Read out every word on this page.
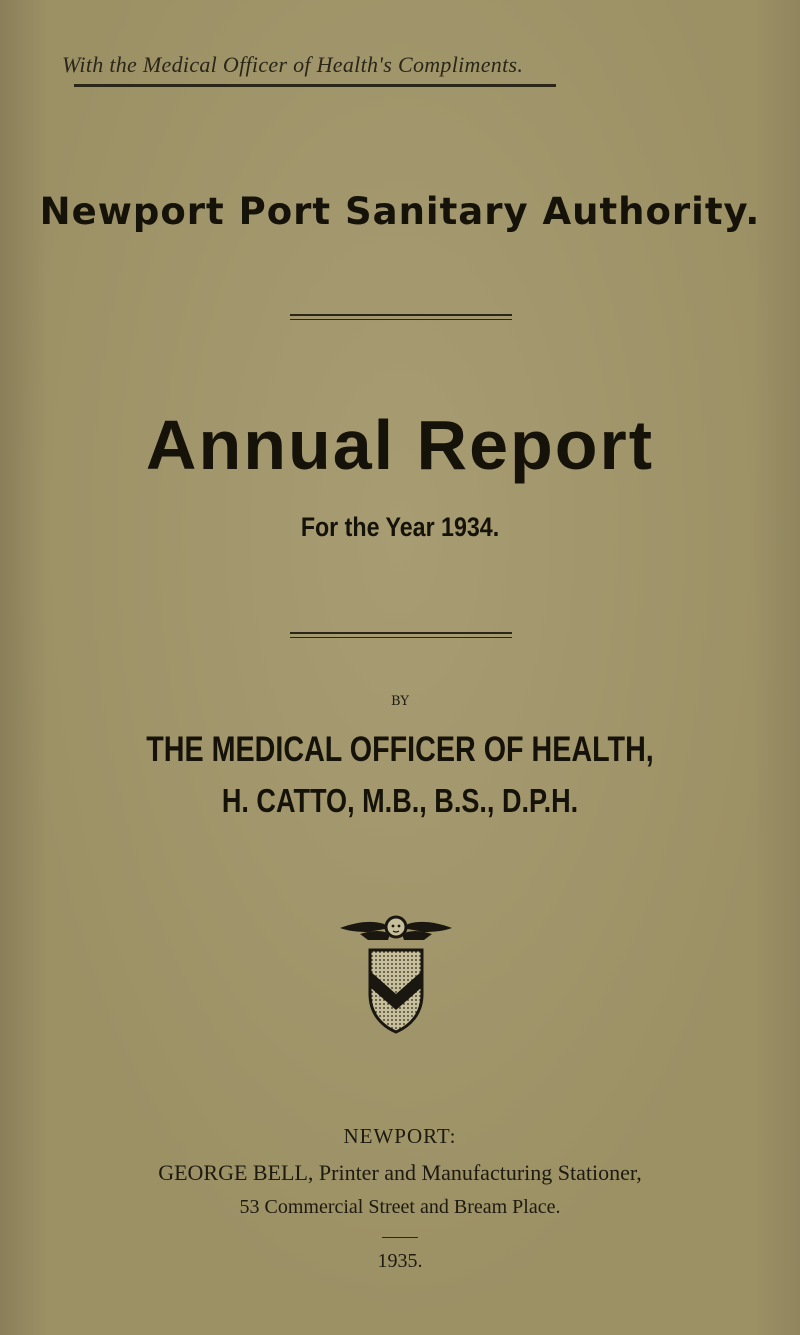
With the Medical Officer of Health's Compliments.
Newport Port Sanitary Authority.
Annual Report
For the Year 1934.
BY
THE MEDICAL OFFICER OF HEALTH,
H. CATTO, M.B., B.S., D.P.H.
NEWPORT:
GEORGE BELL, Printer and Manufacturing Stationer,
53 Commercial Street and Bream Place.
1935.
